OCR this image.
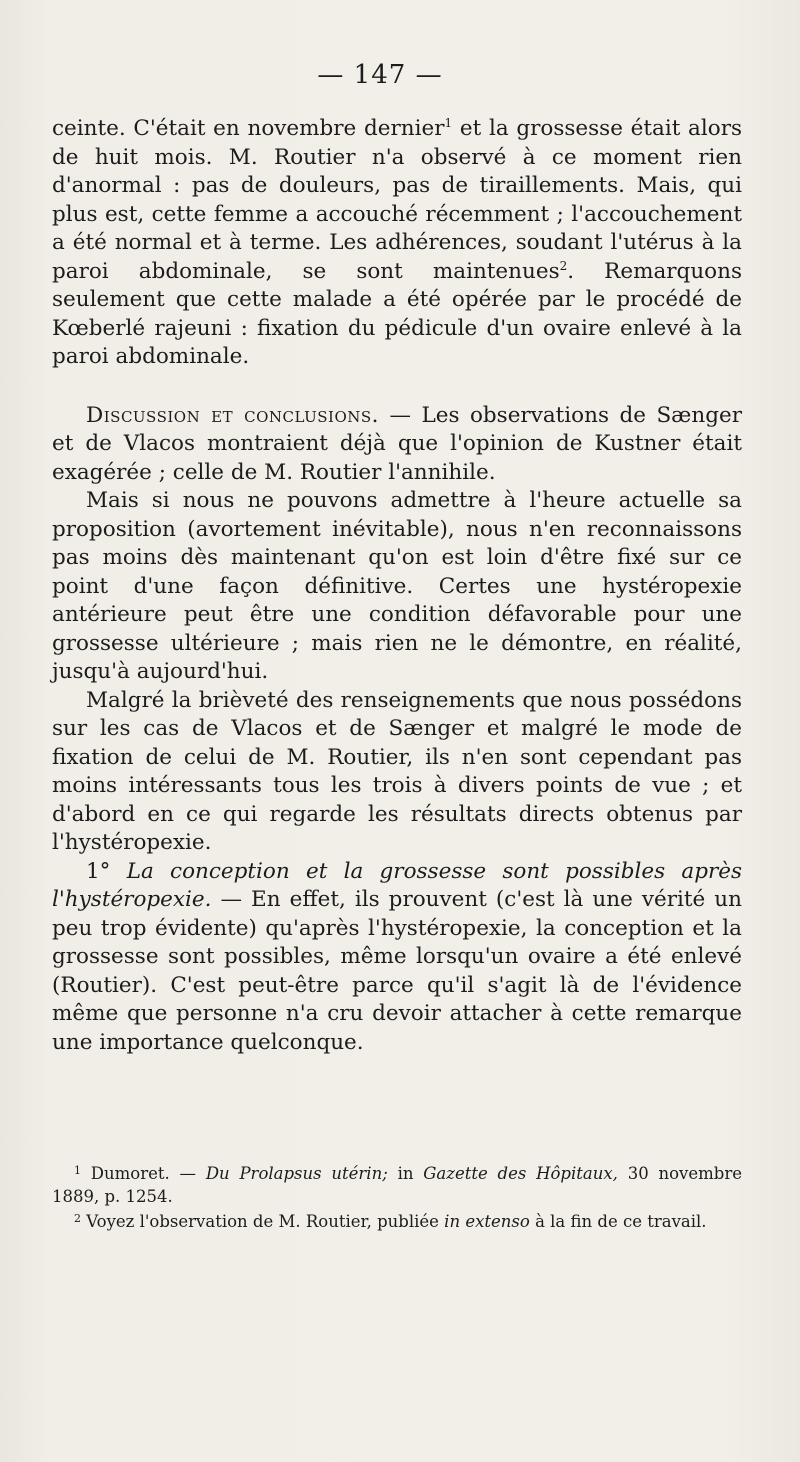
— 147 —

ceinte. C'était en novembre dernier$^1$ et la grossesse était alors de huit mois. M. Routier n'a observé à ce moment rien d'anormal : pas de douleurs, pas de tiraillements. Mais, qui plus est, cette femme a accouché récemment ; l'accouchement a été normal et à terme. Les adhérences, soudant l'utérus à la paroi abdominale, se sont maintenues$^2$. Remarquons seulement que cette malade a été opérée par le procédé de Kœberlé rajeuni : fixation du pédicule d'un ovaire enlevé à la paroi abdominale.

Discussion et conclusions. — Les observations de Sænger et de Vlacos montraient déjà que l'opinion de Kustner était exagérée ; celle de M. Routier l'annihile.

Mais si nous ne pouvons admettre à l'heure actuelle sa proposition (avortement inévitable), nous n'en reconnaissons pas moins dès maintenant qu'on est loin d'être fixé sur ce point d'une façon définitive. Certes une hystéropexie antérieure peut être une condition défavorable pour une grossesse ultérieure ; mais rien ne le démontre, en réalité, jusqu'à aujourd'hui.

Malgré la brièveté des renseignements que nous possédons sur les cas de Vlacos et de Sænger et malgré le mode de fixation de celui de M. Routier, ils n'en sont cependant pas moins intéressants tous les trois à divers points de vue ; et d'abord en ce qui regarde les résultats directs obtenus par l'hystéropexie.

1° La conception et la grossesse sont possibles après l'hystéropexie. — En effet, ils prouvent (c'est là une vérité un peu trop évidente) qu'après l'hystéropexie, la conception et la grossesse sont possibles, même lorsqu'un ovaire a été enlevé (Routier). C'est peut-être parce qu'il s'agit là de l'évidence même que personne n'a cru devoir attacher à cette remarque une importance quelconque.

$^1$ Dumoret. — Du Prolapsus utérin; in Gazette des Hôpitaux, 30 novembre 1889, p. 1254.

$^2$ Voyez l'observation de M. Routier, publiée in extenso à la fin de ce travail.
